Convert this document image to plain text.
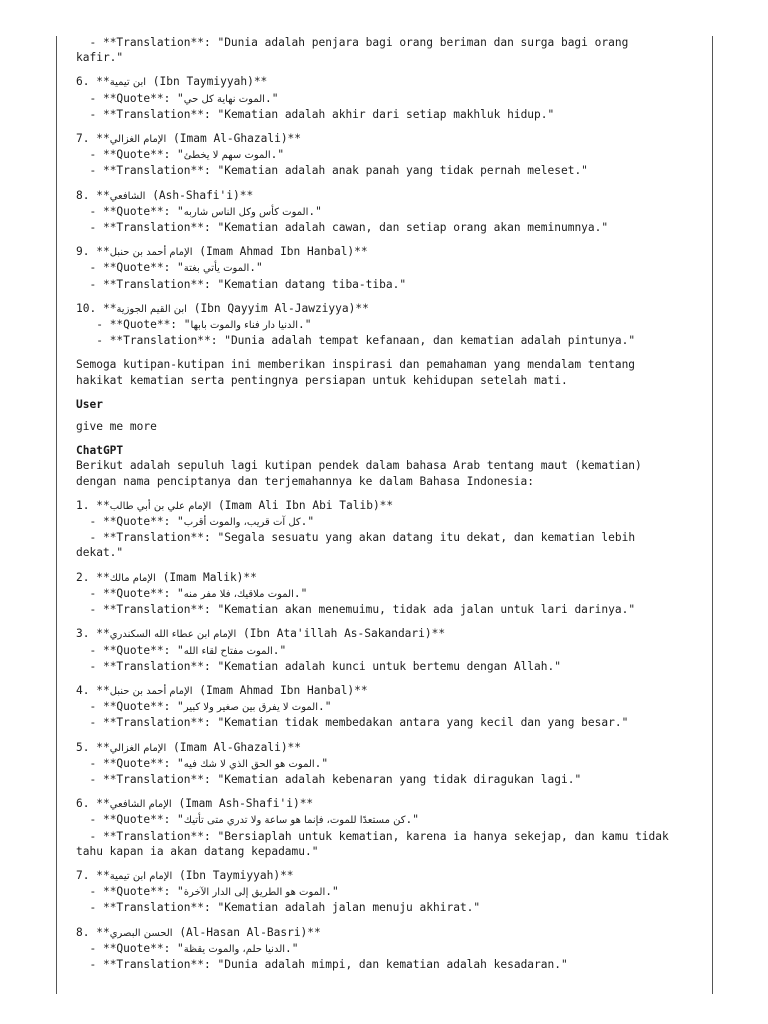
- **Translation**: "Dunia adalah penjara bagi orang beriman dan surga bagi orang
kafir."
6. **ابن تيمية (Ibn Taymiyyah)**
- **Quote**: "الموت نهاية كل حي."
- **Translation**: "Kematian adalah akhir dari setiap makhluk hidup."
7. **الإمام الغزالي (Imam Al-Ghazali)**
- **Quote**: "الموت سهم لا يخطئ."
- **Translation**: "Kematian adalah anak panah yang tidak pernah meleset."
8. **الشافعي (Ash-Shafi'i)**
- **Quote**: "الموت كأس وكل الناس شاربه."
- **Translation**: "Kematian adalah cawan, dan setiap orang akan meminumnya."
9. **الإمام أحمد بن حنبل (Imam Ahmad Ibn Hanbal)**
- **Quote**: "الموت يأتي بغتة."
- **Translation**: "Kematian datang tiba-tiba."
10. **ابن القيم الجوزية (Ibn Qayyim Al-Jawziyya)**
- **Quote**: "الدنيا دار فناء والموت بابها."
- **Translation**: "Dunia adalah tempat kefanaan, dan kematian adalah pintunya."
Semoga kutipan-kutipan ini memberikan inspirasi dan pemahaman yang mendalam tentang
hakikat kematian serta pentingnya persiapan untuk kehidupan setelah mati.
User
give me more
ChatGPT
Berikut adalah sepuluh lagi kutipan pendek dalam bahasa Arab tentang maut (kematian)
dengan nama penciptanya dan terjemahannya ke dalam Bahasa Indonesia:
1. **الإمام علي بن أبي طالب (Imam Ali Ibn Abi Talib)**
- **Quote**: "كل آت قريب، والموت أقرب."
- **Translation**: "Segala sesuatu yang akan datang itu dekat, dan kematian lebih
dekat."
2. **الإمام مالك (Imam Malik)**
- **Quote**: "الموت ملاقيك، فلا مفر منه."
- **Translation**: "Kematian akan menemuimu, tidak ada jalan untuk lari darinya."
3. **الإمام ابن عطاء الله السكندري (Ibn Ata'illah As-Sakandari)**
- **Quote**: "الموت مفتاح لقاء الله."
- **Translation**: "Kematian adalah kunci untuk bertemu dengan Allah."
4. **الإمام أحمد بن حنبل (Imam Ahmad Ibn Hanbal)**
- **Quote**: "الموت لا يفرق بين صغير ولا كبير."
- **Translation**: "Kematian tidak membedakan antara yang kecil dan yang besar."
5. **الإمام الغزالي (Imam Al-Ghazali)**
- **Quote**: "الموت هو الحق الذي لا شك فيه."
- **Translation**: "Kematian adalah kebenaran yang tidak diragukan lagi."
6. **الإمام الشافعي (Imam Ash-Shafi'i)**
- **Quote**: "كن مستعدًا للموت، فإنما هو ساعة ولا تدري متى تأتيك."
- **Translation**: "Bersiaplah untuk kematian, karena ia hanya sekejap, dan kamu tidak
tahu kapan ia akan datang kepadamu."
7. **الإمام ابن تيمية (Ibn Taymiyyah)**
- **Quote**: "الموت هو الطريق إلى الدار الآخرة."
- **Translation**: "Kematian adalah jalan menuju akhirat."
8. **الحسن البصري (Al-Hasan Al-Basri)**
- **Quote**: "الدنيا حلم، والموت يقظة."
- **Translation**: "Dunia adalah mimpi, dan kematian adalah kesadaran."
